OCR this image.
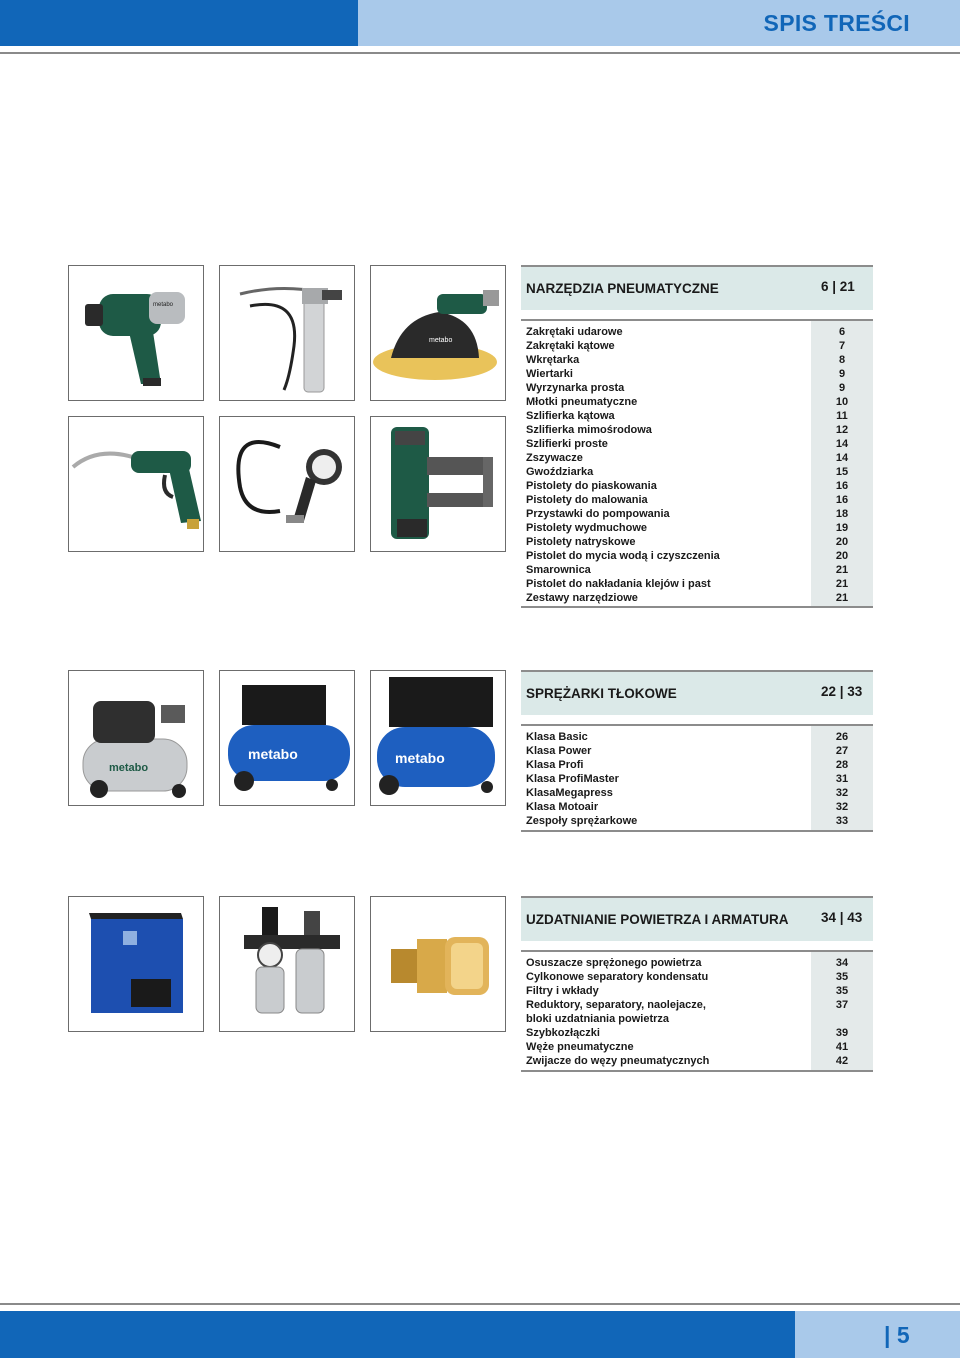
SPIS TREŚCI
metabo
metabo
NARZĘDZIA PNEUMATYCZNE	6 | 21
Zakrętaki udarowe	6
Zakrętaki kątowe	7
Wkrętarka	8
Wiertarki	9
Wyrzynarka prosta	9
Młotki pneumatyczne	10
Szlifierka kątowa	11
Szlifierka mimośrodowa	12
Szlifierki proste	14
Zszywacze	14
Gwoździarka	15
Pistolety do piaskowania	16
Pistolety do malowania	16
Przystawki do pompowania	18
Pistolety wydmuchowe	19
Pistolety natryskowe	20
Pistolet do mycia wodą i czyszczenia	20
Smarownica	21
Pistolet do nakładania klejów i past	21
Zestawy narzędziowe	21
metabo
metabo	metabo
SPRĘŻARKI TŁOKOWE	22 | 33
Klasa Basic	26
Klasa Power	27
Klasa Profi	28
Klasa ProfiMaster	31
KlasaMegapress	32
Klasa Motoair	32
Zespoły sprężarkowe	33
UZDATNIANIE POWIETRZA I ARMATURA 34 | 43
Osuszacze sprężonego powietrza	34
Cylkonowe separatory kondensatu	35
Filtry i wkłady	35
Reduktory, separatory, naolejacze,	37
bloki uzdatniania powietrza
Szybkozłączki	39
Węże pneumatyczne	41
Zwijacze do węzy pneumatycznych	42
| 5
